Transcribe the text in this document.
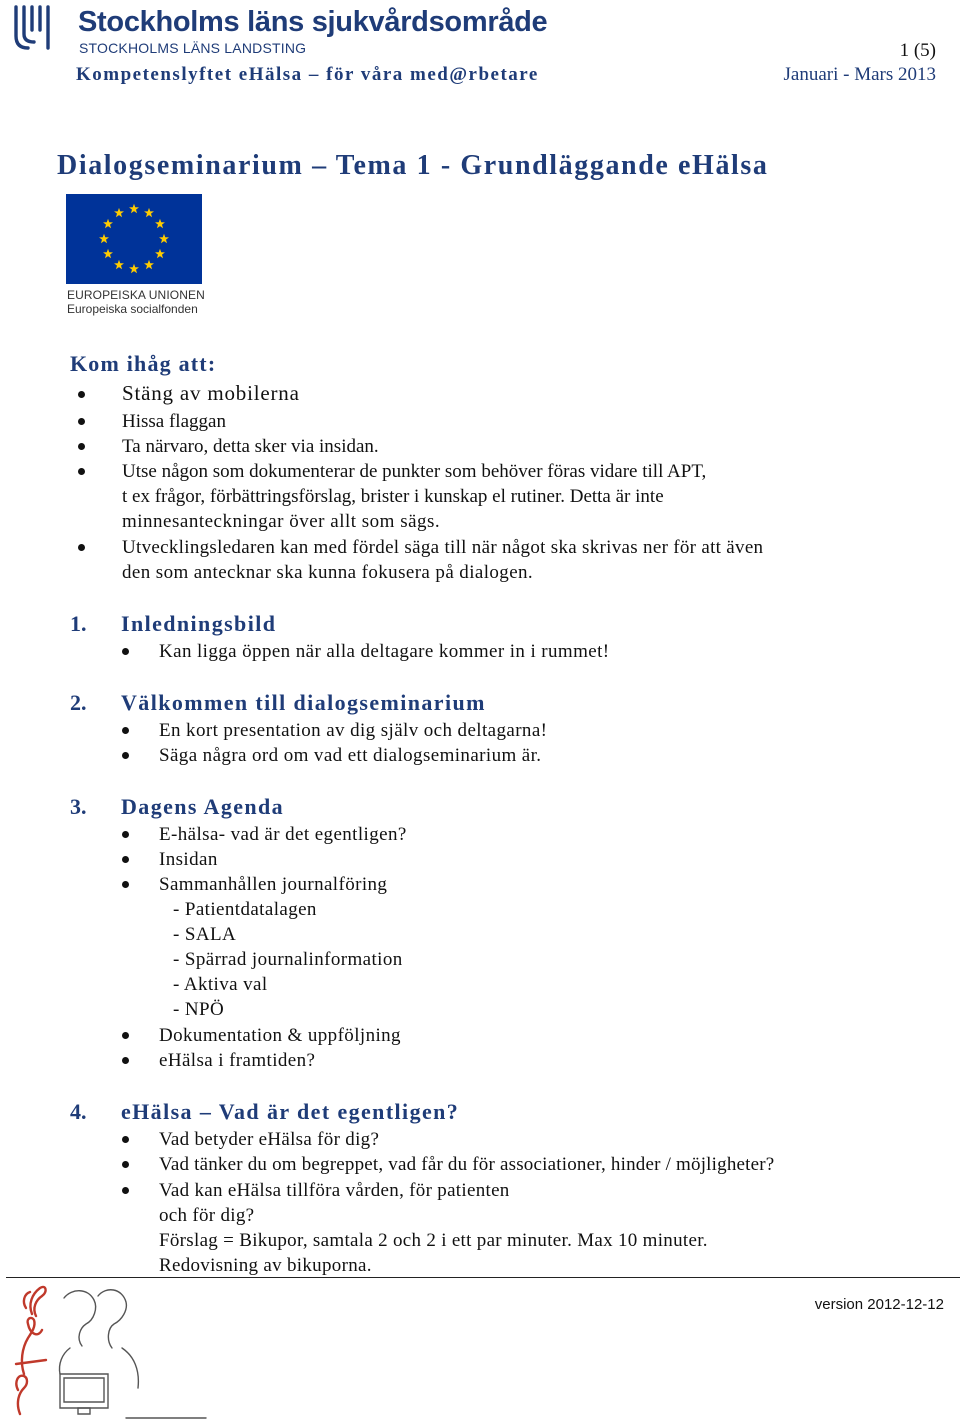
Stockholms läns sjukvårdsområde
STOCKHOLMS LÄNS LANDSTING	1 (5)
Kompetenslyftet eHälsa – för våra med@rbetare	Januari - Mars 2013
Dialogseminarium – Tema 1 - Grundläggande eHälsa
EUROPEISKA UNIONEN
Europeiska socialfonden
Kom ihåg att:
Stäng av mobilerna
Hissa flaggan
Ta närvaro, detta sker via insidan.
Utse någon som dokumenterar de punkter som behöver föras vidare till APT,
t ex frågor, förbättringsförslag, brister i kunskap el rutiner. Detta är inte
minnesanteckningar över allt som sägs.
Utvecklingsledaren kan med fördel säga till när något ska skrivas ner för att även
den som antecknar ska kunna fokusera på dialogen.
1. Inledningsbild
Kan ligga öppen när alla deltagare kommer in i rummet!
2. Välkommen till dialogseminarium
En kort presentation av dig själv och deltagarna!
Säga några ord om vad ett dialogseminarium är.
3. Dagens Agenda
E-hälsa- vad är det egentligen?
Insidan
Sammanhållen journalföring
- Patientdatalagen
- SALA
- Spärrad journalinformation
- Aktiva val
- NPÖ
Dokumentation & uppföljning
eHälsa i framtiden?
4. eHälsa – Vad är det egentligen?
Vad betyder eHälsa för dig?
Vad tänker du om begreppet, vad får du för associationer, hinder / möjligheter?
Vad kan eHälsa tillföra vården, för patienten
och för dig?
Förslag = Bikupor, samtala 2 och 2 i ett par minuter. Max 10 minuter.
Redovisning av bikuporna.
version 2012-12-12
eHälsa
